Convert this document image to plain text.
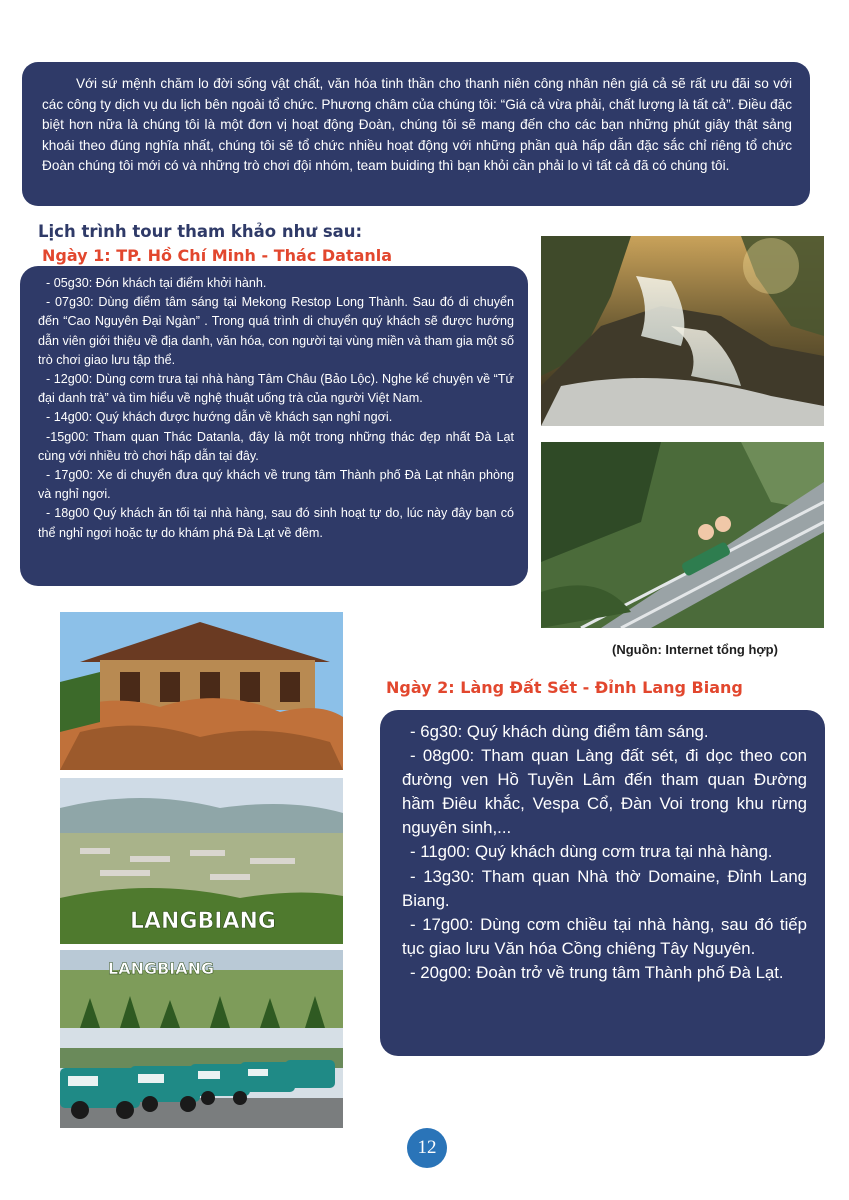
Với sứ mệnh chăm lo đời sống vật chất, văn hóa tinh thần cho thanh niên công nhân nên giá cả sẽ rất ưu đãi so với các công ty dịch vụ du lịch bên ngoài tổ chức. Phương châm của chúng tôi: “Giá cả vừa phải, chất lượng là tất cả”. Điều đặc biệt hơn nữa là chúng tôi là một đơn vị hoạt động Đoàn, chúng tôi sẽ mang đến cho các bạn những phút giây thật sảng khoái theo đúng nghĩa nhất, chúng tôi sẽ tổ chức nhiều hoạt động với những phần quà hấp dẫn đặc sắc chỉ riêng tổ chức Đoàn chúng tôi mới có và những trò chơi đội nhóm, team buiding thì bạn khỏi cần phải lo vì tất cả đã có chúng tôi.

Lịch trình tour tham khảo như sau:
Ngày 1: TP. Hồ Chí Minh - Thác Datanla

- 05g30: Đón khách tại điểm khởi hành.

- 07g30: Dùng điểm tâm sáng tại Mekong Restop Long Thành. Sau đó di chuyển đến “Cao Nguyên Đại Ngàn” . Trong quá trình di chuyển quý khách sẽ được hướng dẫn viên giới thiệu về địa danh, văn hóa, con người tại vùng miền và tham gia một số trò chơi giao lưu tập thể.

- 12g00: Dùng cơm trưa tại nhà hàng Tâm Châu (Bảo Lộc). Nghe kể chuyện về “Tứ đại danh trà” và tìm hiểu về nghệ thuật uống trà của người Việt Nam.

- 14g00: Quý khách được hướng dẫn về khách sạn nghỉ ngơi.

-15g00: Tham quan Thác Datanla, đây là một trong những thác đẹp nhất Đà Lạt cùng với nhiều trò chơi hấp dẫn tại đây.

- 17g00: Xe di chuyển đưa quý khách về trung tâm Thành phố Đà Lạt nhận phòng và nghỉ ngơi.

- 18g00 Quý khách ăn tối tại nhà hàng, sau đó sinh hoạt tự do, lúc này đây bạn có thể nghỉ ngơi hoặc tự do khám phá Đà Lạt về đêm.

(Nguồn: Internet tổng hợp)
LANGBIANG
LANGBIANG
Ngày 2: Làng Đất Sét - Đỉnh Lang Biang

- 6g30: Quý khách dùng điểm tâm sáng.

- 08g00: Tham quan Làng đất sét, đi dọc theo con đường ven Hồ Tuyền Lâm đến tham quan Đường hầm Điêu khắc, Vespa Cổ, Đàn Voi trong khu rừng nguyên sinh,...

- 11g00: Quý khách dùng cơm trưa tại nhà hàng.

- 13g30: Tham quan Nhà thờ Domaine, Đỉnh Lang Biang.

- 17g00: Dùng cơm chiều tại nhà hàng, sau đó tiếp tục giao lưu Văn hóa Cồng chiêng Tây Nguyên.

- 20g00: Đoàn trở về trung tâm Thành phố Đà Lạt.

12
